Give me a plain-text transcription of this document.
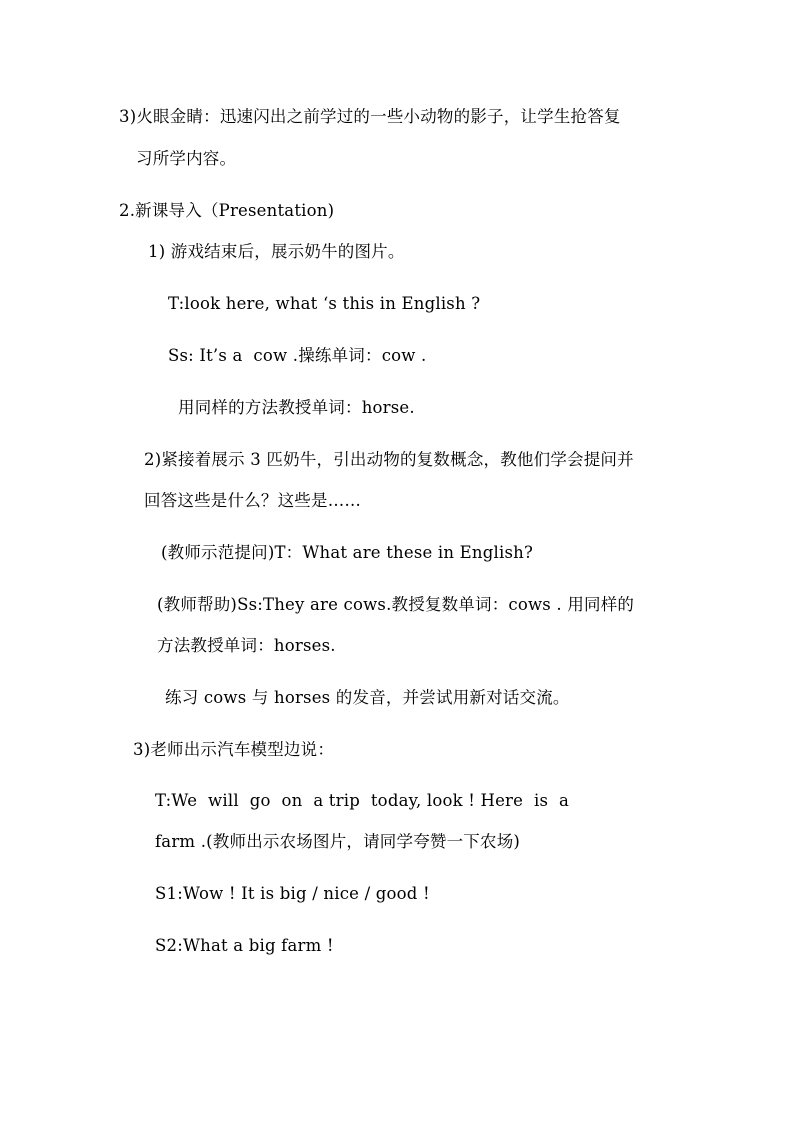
3)火眼金睛：迅速闪出之前学过的一些小动物的影子，让学生抢答复
习所学内容。
2.新课导入（Presentation)
1) 游戏结束后，展示奶牛的图片。
T:look here, what ‘s this in English ?
Ss: It’s a  cow .操练单词：cow .
用同样的方法教授单词：horse.
2)紧接着展示 3 匹奶牛，引出动物的复数概念，教他们学会提问并
回答这些是什么？这些是……
(教师示范提问)T：What are these in English?
(教师帮助)Ss:They are cows.教授复数单词：cows . 用同样的
方法教授单词：horses.
练习 cows 与 horses 的发音，并尝试用新对话交流。
3)老师出示汽车模型边说：
T:We  will  go  on  a trip  today, look ! Here  is  a
farm .(教师出示农场图片，请同学夸赞一下农场)
S1:Wow ! It is big / nice / good !
S2:What a big farm !
